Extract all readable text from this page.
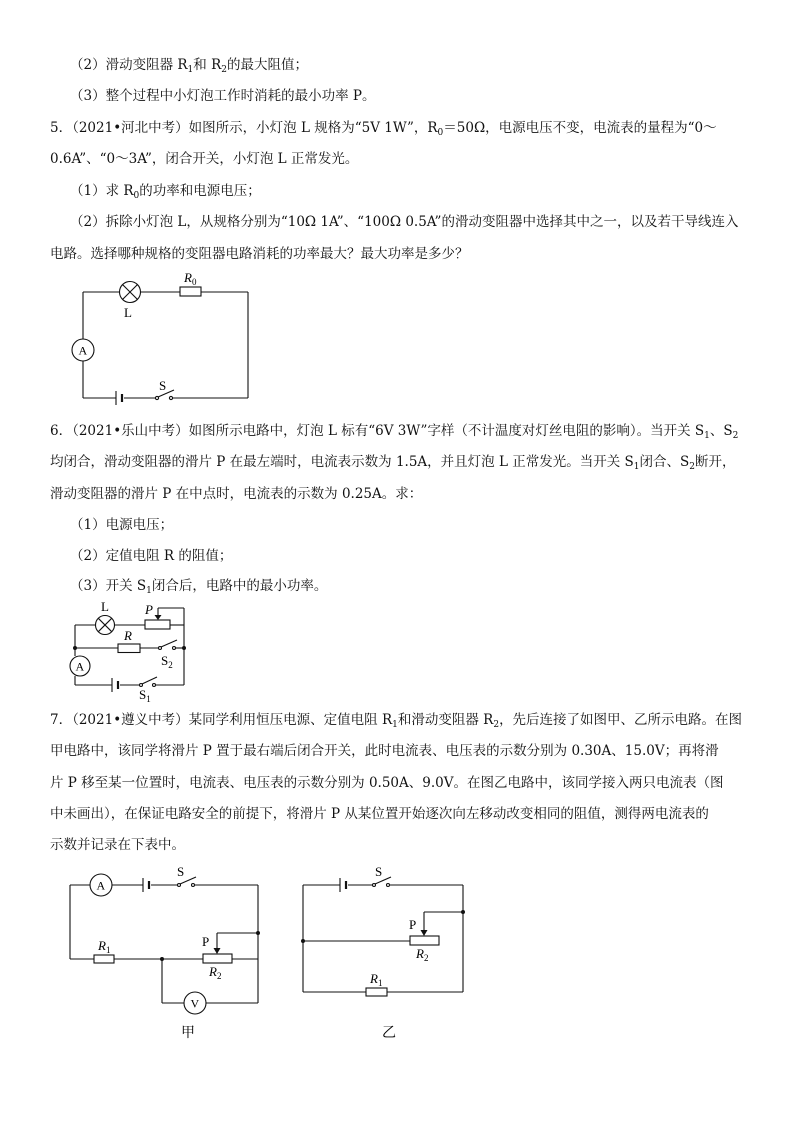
（2）滑动变阻器 $R_1$和 $R_2$的最大阻值；
（3）整个过程中小灯泡工作时消耗的最小功率 P。
5．（2021•河北中考）如图所示，小灯泡 L 规格为“5V 1W”，$R_0=50\Omega$，电源电压不变，电流表的量程为“0～
0.6A”、“0～3A”，闭合开关，小灯泡 L 正常发光。
（1）求 $R_0$的功率和电源电压；
（2）拆除小灯泡 L，从规格分别为“10Ω 1A”、“100Ω 0.5A”的滑动变阻器中选择其中之一，以及若干导线连入
电路。选择哪种规格的变阻器电路消耗的功率最大？最大功率是多少？
L
$R_0$
A
S
6．（2021•乐山中考）如图所示电路中，灯泡 L 标有“6V 3W”字样（不计温度对灯丝电阻的影响）。当开关 $S_1$、$S_2$
均闭合，滑动变阻器的滑片 P 在最左端时，电流表示数为 1.5A，并且灯泡 L 正常发光。当开关 $S_1$闭合、$S_2$断开，
滑动变阻器的滑片 P 在中点时，电流表的示数为 0.25A。求：
（1）电源电压；
（2）定值电阻 R 的阻值；
（3）开关 $S_1$闭合后，电路中的最小功率。
L	P
R
$S_2$
A
$S_1$
7．（2021•遵义中考）某同学利用恒压电源、定值电阻 $R_1$和滑动变阻器 $R_2$，先后连接了如图甲、乙所示电路。在图
甲电路中，该同学将滑片 P 置于最右端后闭合开关，此时电流表、电压表的示数分别为 0.30A、15.0V；再将滑
片 P 移至某一位置时，电流表、电压表的示数分别为 0.50A、9.0V。在图乙电路中，该同学接入两只电流表（图
中未画出），在保证电路安全的前提下，将滑片 P 从某位置开始逐次向左移动改变相同的阻值，测得两电流表的
示数并记录在下表中。
A
S
$R_1$
P
$R_2$
V
甲
S
P
$R_2$
$R_1$
乙
